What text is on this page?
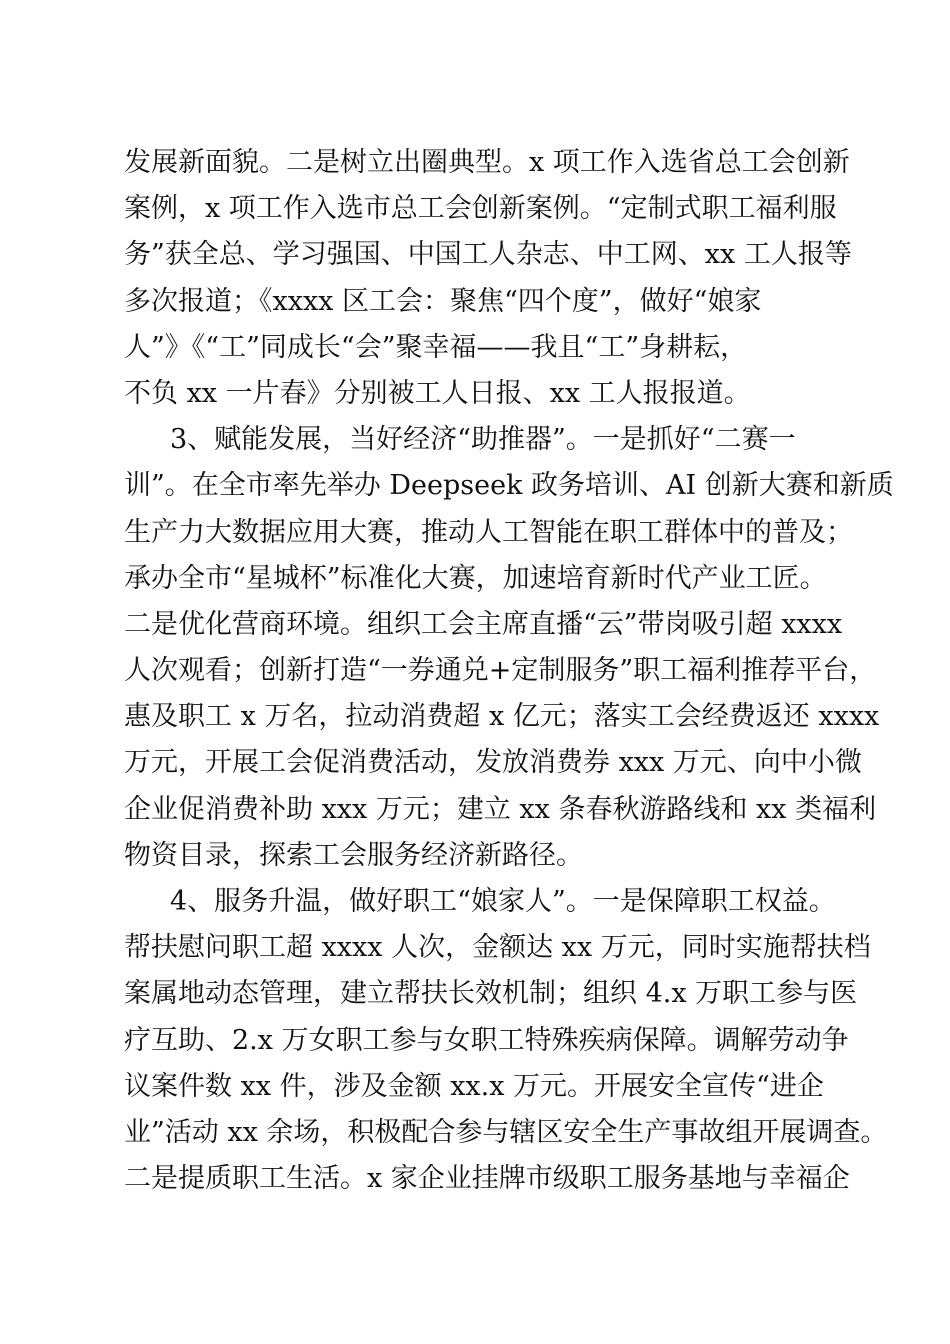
发展新面貌。二是树立出圈典型。x 项工作入选省总工会创新
案例，x 项工作入选市总工会创新案例。“定制式职工福利服
务”获全总、学习强国、中国工人杂志、中工网、xx 工人报等
多次报道；《xxxx 区工会：聚焦“四个度”，做好“娘家
人”》《“工”同成长“会”聚幸福——我且“工”身耕耘，
不负 xx 一片春》分别被工人日报、xx 工人报报道。
3、赋能发展，当好经济“助推器”。一是抓好“二赛一
训”。在全市率先举办 Deepseek 政务培训、AI 创新大赛和新质
生产力大数据应用大赛，推动人工智能在职工群体中的普及；
承办全市“星城杯”标准化大赛，加速培育新时代产业工匠。
二是优化营商环境。组织工会主席直播“云”带岗吸引超 xxxx
人次观看；创新打造“一券通兑+定制服务”职工福利推荐平台，
惠及职工 x 万名，拉动消费超 x 亿元；落实工会经费返还 xxxx
万元，开展工会促消费活动，发放消费券 xxx 万元、向中小微
企业促消费补助 xxx 万元；建立 xx 条春秋游路线和 xx 类福利
物资目录，探索工会服务经济新路径。
4、服务升温，做好职工“娘家人”。一是保障职工权益。
帮扶慰问职工超 xxxx 人次，金额达 xx 万元，同时实施帮扶档
案属地动态管理，建立帮扶长效机制；组织 4.x 万职工参与医
疗互助、2.x 万女职工参与女职工特殊疾病保障。调解劳动争
议案件数 xx 件，涉及金额 xx.x 万元。开展安全宣传“进企
业”活动 xx 余场，积极配合参与辖区安全生产事故组开展调查。
二是提质职工生活。x 家企业挂牌市级职工服务基地与幸福企
